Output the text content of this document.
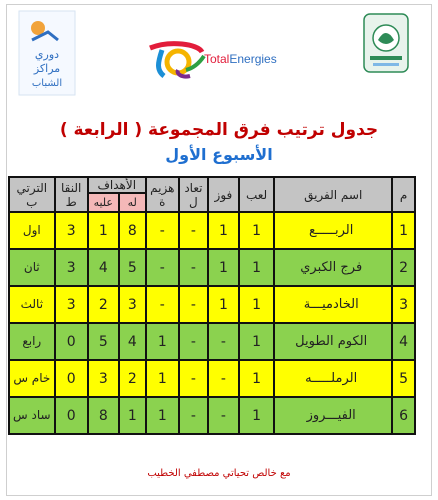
دوري
مراكز
الشباب
TotalEnergies
جدول ترتيب فرق المجموعة ( الرابعة )
الأسبوع الأول
م	اسم الفريق	لعب	فوز	تعاد ل	هزيم ة	الأهداف		النقا ط	الترتي ب
						له	عليه		
1	الربـــــع	1	1	-	-	8	1	3	اول
2	فرج الكبري	1	1	-	-	5	4	3	ثان
3	الخادميـــة	1	1	-	-	3	2	3	ثالث
4	الكوم الطويل	1	-	-	1	4	5	0	رابع
5	الرملـــــه	1	-	-	1	2	3	0	خام س
6	الفيـــروز	1	-	-	1	1	8	0	ساد س
مع خالص تحياتي مصطفي الخطيب
